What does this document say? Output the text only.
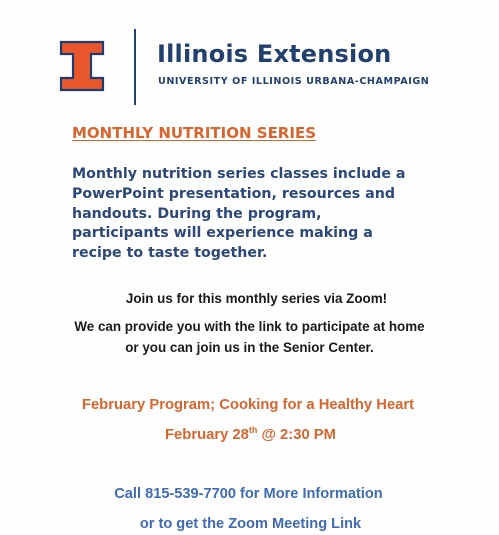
Illinois Extension
UNIVERSITY OF ILLINOIS URBANA-CHAMPAIGN
MONTHLY NUTRITION SERIES
Monthly nutrition series classes include a
PowerPoint presentation, resources and
handouts. During the program,
participants will experience making a
recipe to taste together.
Join us for this monthly series via Zoom!
We can provide you with the link to participate at home
or you can join us in the Senior Center.
February Program; Cooking for a Healthy Heart
February 28th @ 2:30 PM
Call 815-539-7700 for More Information
or to get the Zoom Meeting Link
